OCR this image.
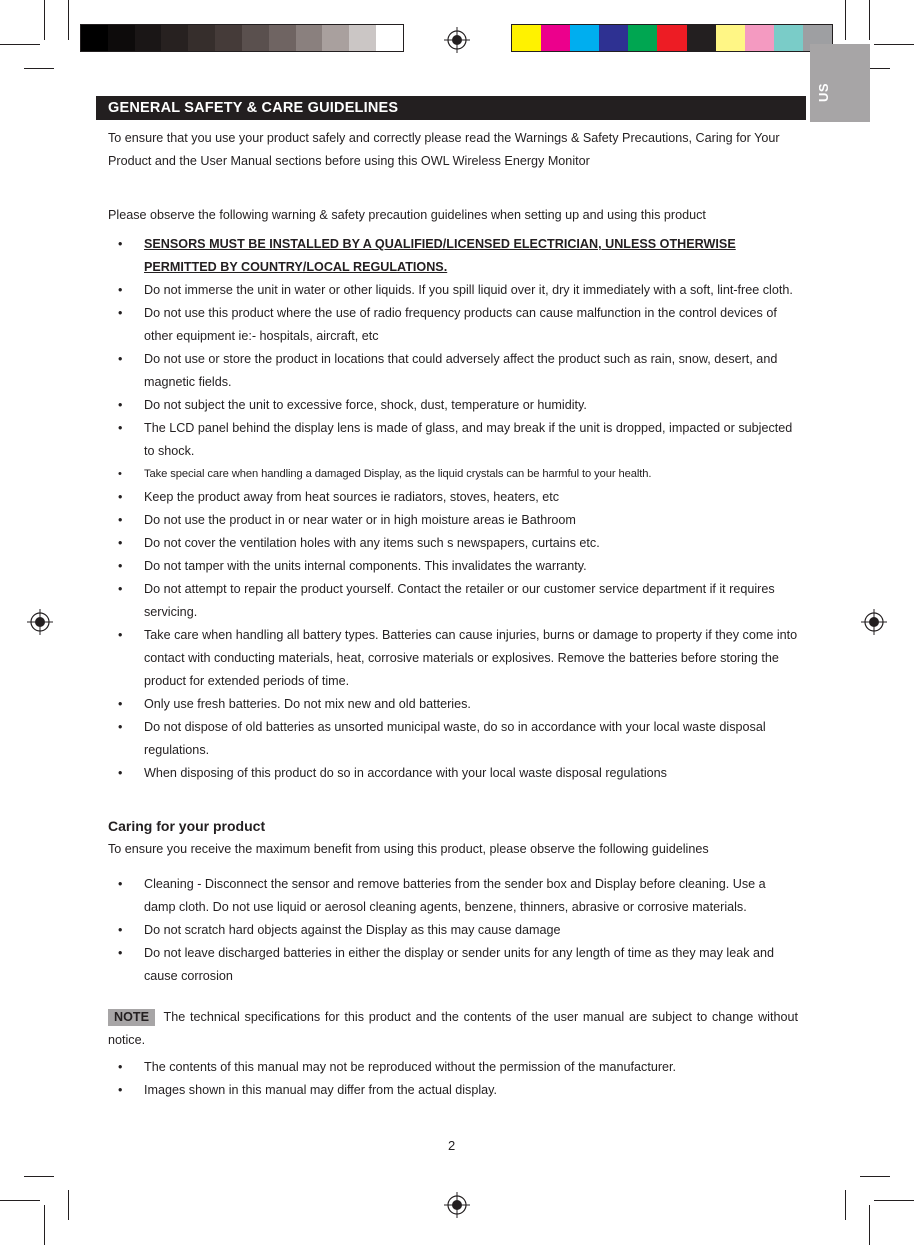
US
GENERAL SAFETY & CARE GUIDELINES

To ensure that you use your product safely and correctly please read the Warnings & Safety Precautions, Caring for Your Product and the User Manual sections before using this OWL Wireless Energy Monitor

Please observe the following warning & safety precaution guidelines when setting up and using this product

• SENSORS MUST BE INSTALLED BY A QUALIFIED/LICENSED ELECTRICIAN, UNLESS OTHERWISE PERMITTED BY COUNTRY/LOCAL REGULATIONS.
• Do not immerse the unit in water or other liquids. If you spill liquid over it, dry it immediately with a soft, lint-free cloth.
• Do not use this product where the use of radio frequency products can cause malfunction in the control devices of other equipment ie:- hospitals, aircraft, etc
• Do not use or store the product in locations that could adversely affect the product such as rain, snow, desert, and magnetic fields.
• Do not subject the unit to excessive force, shock, dust, temperature or humidity.
• The LCD panel behind the display lens is made of glass, and may break if the unit is dropped, impacted or subjected to shock.
• Take special care when handling a damaged Display, as the liquid crystals can be harmful to your health.
• Keep the product away from heat sources ie radiators, stoves, heaters, etc
• Do not use the product in or near water or in high moisture areas ie Bathroom
• Do not cover the ventilation holes with any items such s newspapers, curtains etc.
• Do not tamper with the units internal components. This invalidates the warranty.
• Do not attempt to repair the product yourself. Contact the retailer or our customer service department if it requires servicing.
• Take care when handling all battery types. Batteries can cause injuries, burns or damage to property if they come into contact with conducting materials, heat, corrosive materials or explosives. Remove the batteries before storing the product for extended periods of time.
• Only use fresh batteries. Do not mix new and old batteries.
• Do not dispose of old batteries as unsorted municipal waste, do so in accordance with your local waste disposal regulations.
• When disposing of this product do so in accordance with your local waste disposal regulations

Caring for your product

To ensure you receive the maximum benefit from using this product, please observe the following guidelines

• Cleaning - Disconnect the sensor and remove batteries from the sender box and Display before cleaning. Use a damp cloth. Do not use liquid or aerosol cleaning agents, benzene, thinners, abrasive or corrosive materials.
• Do not scratch hard objects against the Display as this may cause damage
• Do not leave discharged batteries in either the display or sender units for any length of time as they may leak and cause corrosion

NOTE The technical specifications for this product and the contents of the user manual are subject to change without notice.

• The contents of this manual may not be reproduced without the permission of the manufacturer.
• Images shown in this manual may differ from the actual display.
2
